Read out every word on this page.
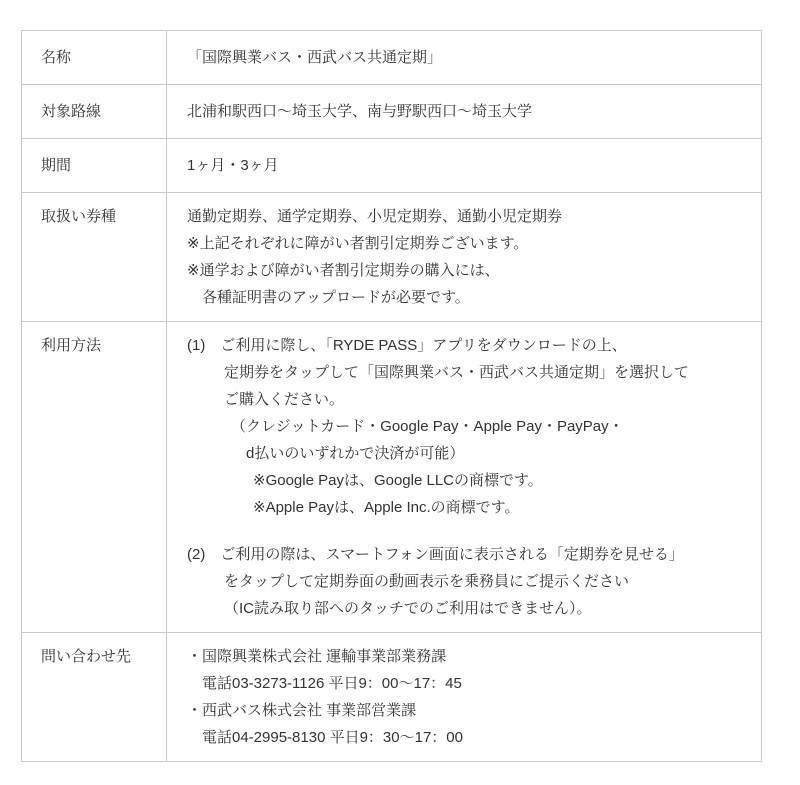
名称	「国際興業バス・西武バス共通定期」
対象路線	北浦和駅西口〜埼玉大学、南与野駅西口〜埼玉大学
期間	1ヶ月・3ヶ月
取扱い券種	通勤定期券、通学定期券、小児定期券、通勤小児定期券
※上記それぞれに障がい者割引定期券ございます。
※通学および障がい者割引定期券の購入には、
各種証明書のアップロードが必要です。
利用方法	(1)　ご利用に際し、「RYDE PASS」アプリをダウンロードの上、
定期券をタップして「国際興業バス・西武バス共通定期」を選択して
ご購入ください。
（クレジットカード・Google Pay・Apple Pay・PayPay・
d払いのいずれかで決済が可能）
※Google Payは、Google LLCの商標です。
※Apple Payは、Apple Inc.の商標です。
(2)　ご利用の際は、スマートフォン画面に表示される「定期券を見せる」
をタップして定期券面の動画表示を乗務員にご提示ください
（IC読み取り部へのタッチでのご利用はできません）。
問い合わせ先	・国際興業株式会社 運輸事業部業務課
電話03-3273-1126 平日9：00〜17：45
・西武バス株式会社 事業部営業課
電話04-2995-8130 平日9：30〜17：00
